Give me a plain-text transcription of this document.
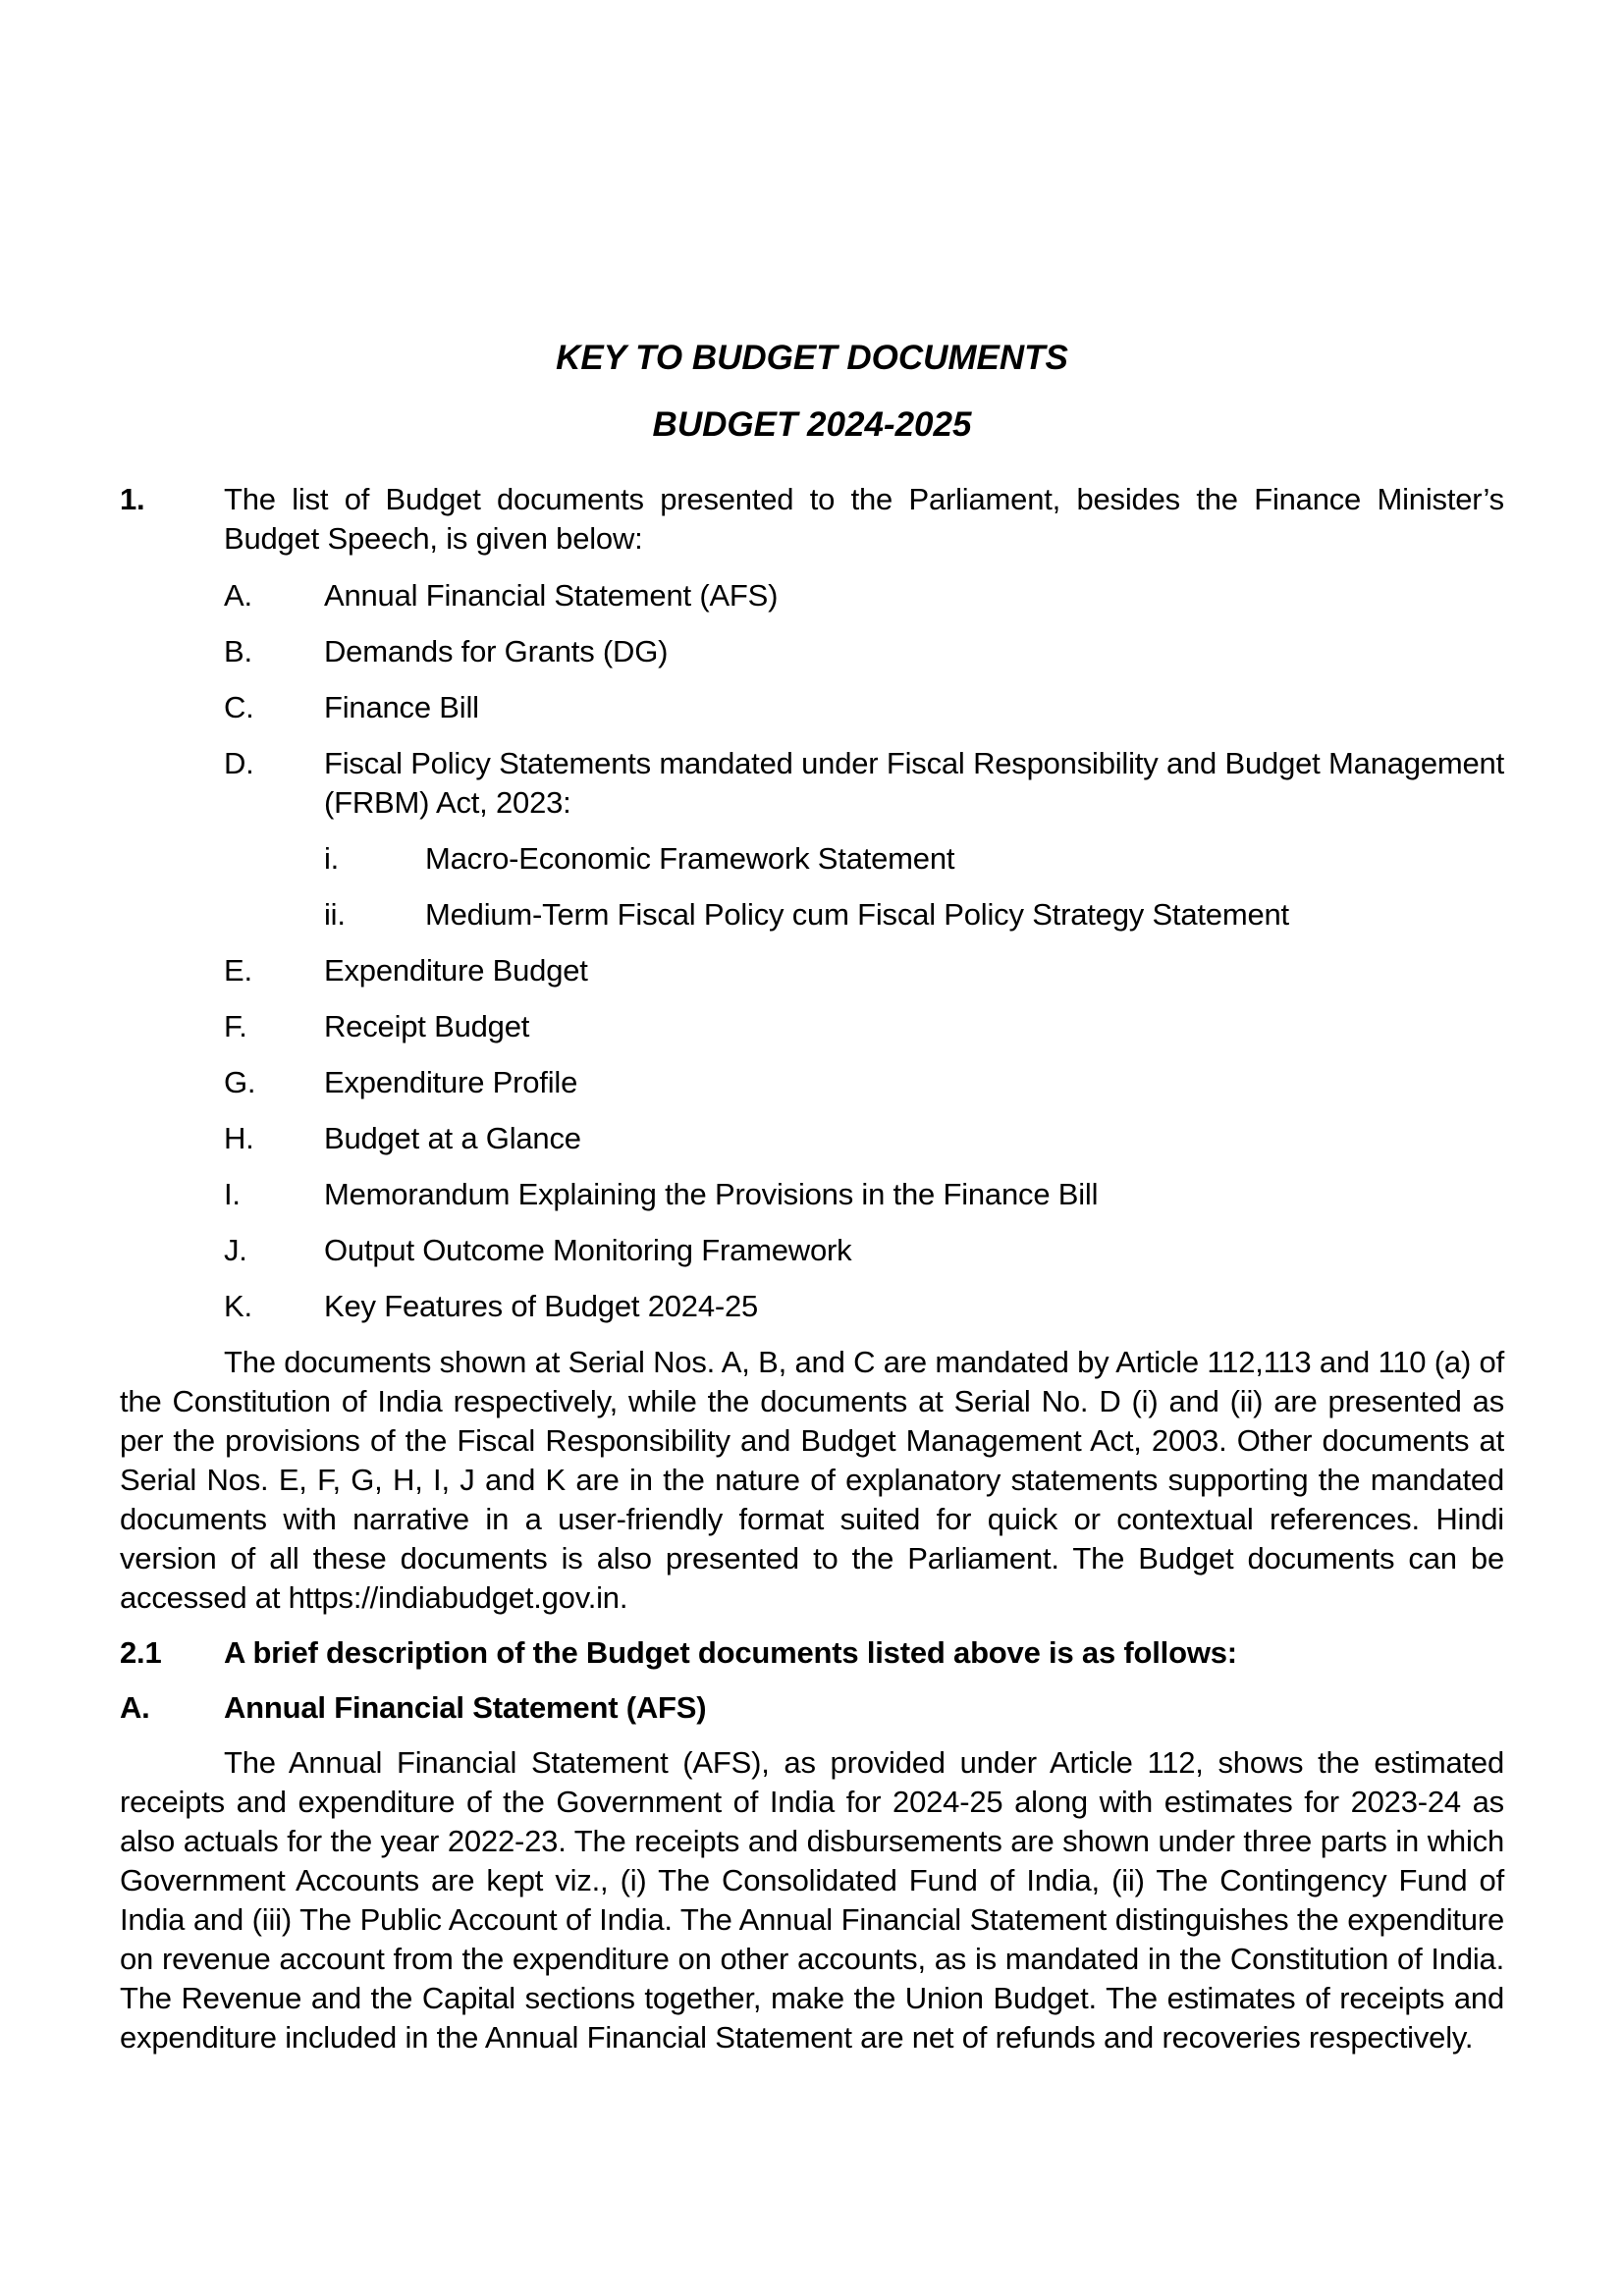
KEY TO BUDGET DOCUMENTS
BUDGET 2024-2025
1.	The list of Budget documents presented to the Parliament, besides the Finance Minister’s Budget Speech, is given below:

A.	Annual Financial Statement (AFS)
B.	Demands for Grants (DG)
C.	Finance Bill
D.	Fiscal Policy Statements mandated under Fiscal Responsibility and Budget Management (FRBM) Act, 2023:
i.	Macro-Economic Framework Statement
ii.	Medium-Term Fiscal Policy cum Fiscal Policy Strategy Statement
E.	Expenditure Budget
F.	Receipt Budget
G.	Expenditure Profile
H.	Budget at a Glance
I.	Memorandum Explaining the Provisions in the Finance Bill
J.	Output Outcome Monitoring Framework
K.	Key Features of Budget 2024-25

The documents shown at Serial Nos. A, B, and C are mandated by Article 112,113 and 110 (a) of the Constitution of India respectively, while the documents at Serial No. D (i) and (ii) are presented as per the provisions of the Fiscal Responsibility and Budget Management Act, 2003. Other documents at Serial Nos. E, F, G, H, I, J and K are in the nature of explanatory statements supporting the mandated documents with narrative in a user-friendly format suited for quick or contextual references. Hindi version of all these documents is also presented to the Parliament. The Budget documents can be accessed at https://indiabudget.gov.in.

2.1	A brief description of the Budget documents listed above is as follows:
A.	Annual Financial Statement (AFS)

The Annual Financial Statement (AFS), as provided under Article 112, shows the estimated receipts and expenditure of the Government of India for 2024-25 along with estimates for 2023-24 as also actuals for the year 2022-23. The receipts and disbursements are shown under three parts in which Government Accounts are kept viz., (i) The Consolidated Fund of India, (ii) The Contingency Fund of India and (iii) The Public Account of India. The Annual Financial Statement distinguishes the expenditure on revenue account from the expenditure on other accounts, as is mandated in the Constitution of India. The Revenue and the Capital sections together, make the Union Budget. The estimates of receipts and expenditure included in the Annual Financial Statement are net of refunds and recoveries respectively.
